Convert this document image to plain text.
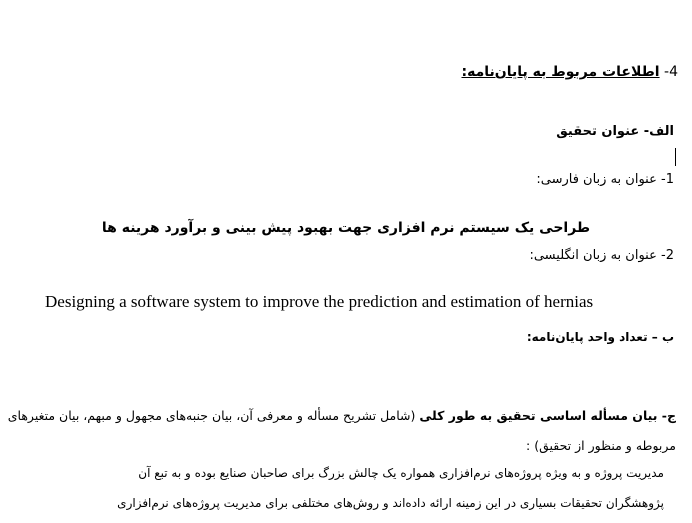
4- اطلاعات مربوط به پایان‌نامه:
الف- عنوان تحقیق
1- عنوان به زبان فارسی:
طراحی یک سیستم نرم افزاری جهت بهبود پیش بینی و برآورد هرینه ها
2- عنوان به زبان انگلیسی:
Designing a software system to improve the prediction and estimation of hernias
ب – تعداد واحد پایان‌نامه:
ج- بیان مسأله اساسی تحقیق به طور کلی (شامل تشریح مسأله و معرفی آن، بیان جنبه‌های مجهول و مبهم، بیان متغیرهای
مربوطه و منظور از تحقیق) :
مدیریت پروژه و به ویژه پروژه‌های نرم‌افزاری همواره یک چالش بزرگ برای صاحبان صنایع بوده و به تبع آن
پژوهشگران تحقیقات بسیاری در این زمینه ارائه داده‌اند و روش‌های مختلفی برای مدیریت پروژه‌های نرم‌افزاری
